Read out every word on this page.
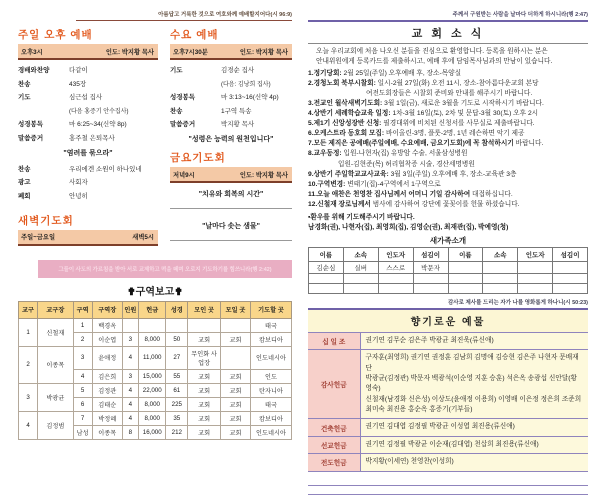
아름답고 거룩한 것으로 여호와께 예배할지어다(시 96:9)
주일 오후 예배
오후3시	인도: 박지황 목사
경배와찬양	다같이
찬송	435장
기도	심근섭 집사
(다음 홍증기 안수집사)
성경봉독	마 6:25~34(신약 8p)
말씀증거	홍주철 은퇴목사
"염려를 묶으라"
찬송	우리에겐 소원이 하나있네
광고	사회자
폐회	안녕히
새벽기도회
주일~금요일	새벽5시
수요 예배
오후7시30분	인도: 박지황 목사
기도	김경순 집사
(다음: 김낭희 집사)
성경봉독	마 3:13~16(신약 4p)
찬송	1구역 특송
말씀증거	박지황 목사
"성령은 능력의 원천입니다"
금요기도회
저녁9시	인도: 박지황 목사
"치유와 회복의 시간"
"날마다 솟는 샘물"
그들이 사도의 가르침을 받아 서로 교제하고 떡을 떼며 오로지 기도하기를 힘쓰니라(행 2:42)
✟구역보고✟
교구	교구장	구역	구역장	인원	헌금	성경	모인 곳	모일 곳	기도할 곳
1	신철재	1	백경옥						태국
		2	이순엽	3	8,000	50	교회	교회	캄보디아
2	이종목	3	윤애정	4	11,000	27	무인화 사업장		인도네시아
		4	김은희	3	15,000	55	교회	교회	인도
3	박광균	5	김정관	4	22,000	61	교회	교회	탄자니아
		6	김태순	4	8,000	225	교회	교회	태국
4	김정범	7	박정혜	4	8,000	35	교회	교회	캄보디아
		남성	이종목	8	16,000	212	교회	교회	인도네시아
주께서 구원받는 사람을 날마다 더하게 하시니라(행 2:47)
교 회 소 식
오늘 우리교회에 처음 나오신 분들을 진심으로 환영합니다. 등록을 원하시는 분은
안내위원에게 등록카드를 제출하시고, 예배 후에 담임목사님과의 만남이 있습니다.
1.정기당회: 2월 25일(주일) 오후예배 후, 장소-목양실
2.경청노회 북부시찰회: 일시-2월 27일(화) 오전 11시, 장소-참아름다운교회 본당
여전도회장들은 시찰회 준비와 안내를 해주시기 바랍니다.
3.전교인 월삭새벽기도회: 3월 1일(금), 새로운 3월을 기도로 시작하시기 바랍니다.
4.상반기 세례학습교육 일정: 1차-3월 16일(토), 2차 및 문답-3월 30(토) 오후 2시
5.제1기 신앙성장반 신청: 필경대위에 비치된 신청서를 사무실로 제출바랍니다.
6.오케스트라 동호회 모집: 바이올린-3명, 플룻-2명, 1년 레슨하면 악기 제공
7.모든 제직은 공예배(주일예배, 수요예배, 금요기도회)에 꼭 참석하시기 바랍니다.
8.교우동정: 입원-나현자(집) 유방암 수술, 서울삼성병원
입원-김현준(목) 허리협착증 시술, 경산세명병원
9.상반기 주일학교교사교육: 3월 3일(주일) 오후예배 후, 장소-교육관 3층
10.구역변경: 변태기(집)-4구역에서 1구역으로
11.오늘 애찬은 천영찬 집사님께서 어머니 기일 감사하여 대접하십니다.
12.신철재 장로님께서 범사에 감사하여 강단에 꽃꽂이를 헌물 하셨습니다.
▪환우를 위해 기도해주시기 바랍니다.
남경화(권), 나현자(집), 최영희(집), 김영순(권), 최재관(집), 박예영(청)
새가족소개
이름	소속	인도자	섬김이	이름	소속	인도자	섬김이
김순심	실버	스스로	박문자				

감사로 제사를 드리는 자가 나를 영화롭게 하나니(시 50:23)
향기로운 예물
십 일 조	권기연 김무순 김은주 박광균 최진욱(류신애)

감사헌금	구자훈(최영희) 권기연 권정훈 김남희 김명애 김승현 김은주 나현자 문배재단
박광균(김정관) 박문자 백광석(이순영 지훈 승훈) 석은옥 송광섭 신안달(황영숙)
신철재(남경화 신은성) 이상도(윤애정 이용희) 이영배 이은정 정은희 조준희
최미숙 최진용 홍순옥 홍증기(기부들)

건축헌금	권기연 김대엽 김정필 박광균 이성엽 최진용(류신애)

선교헌금	권기연 김정필 박광균 이순재(김대엽) 천삽희 최진용(류신애)

전도헌금	박지황(이세연) 천영찬(이성희)
